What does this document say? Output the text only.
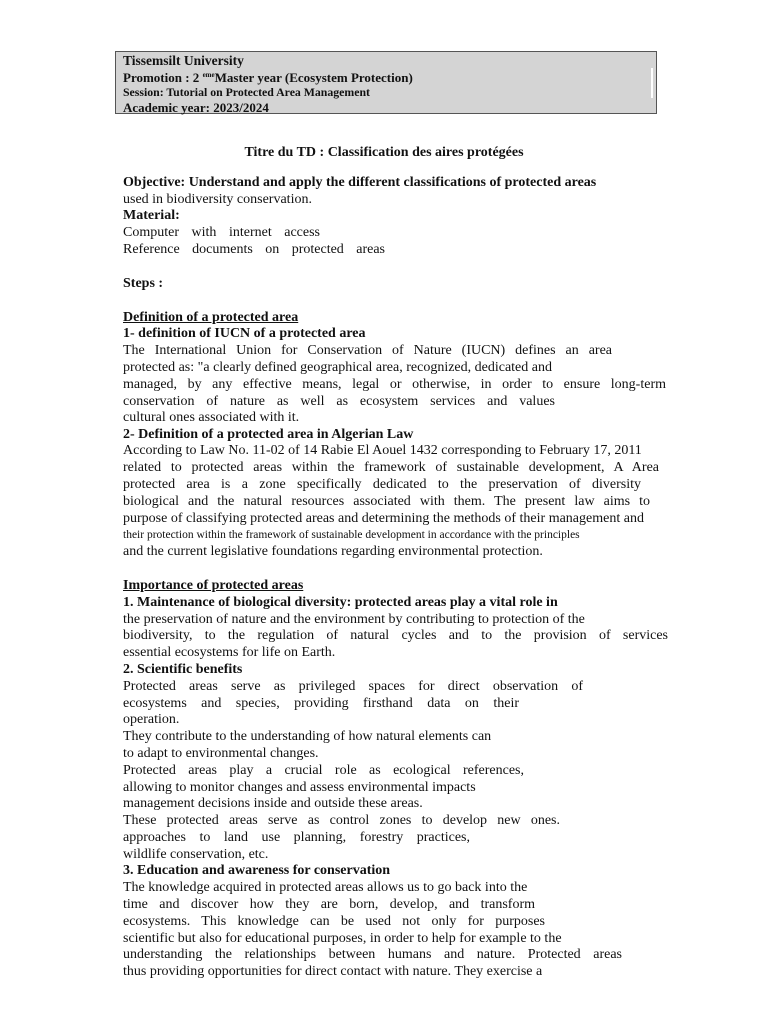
Tissemsilt University
Promotion : 2 $^{eme}$Master year (Ecosystem Protection)
Session: Tutorial on Protected Area Management
Academic year: 2023/2024
Titre du TD : Classification des aires protégées
Objective: Understand and apply the different classifications of protected areas
used in biodiversity conservation.
Material:
Computer with internet access
Reference documents on protected areas
Steps :
Definition of a protected area
1- definition of IUCN of a protected area
The International Union for Conservation of Nature (IUCN) defines an area
protected as: "a clearly defined geographical area, recognized, dedicated and
managed, by any effective means, legal or otherwise, in order to ensure long-term
conservation of nature as well as ecosystem services and values
cultural ones associated with it.
2- Definition of a protected area in Algerian Law
According to Law No. 11-02 of 14 Rabie El Aouel 1432 corresponding to February 17, 2011
related to protected areas within the framework of sustainable development, A Area
protected area is a zone specifically dedicated to the preservation of diversity
biological and the natural resources associated with them. The present law aims to
purpose of classifying protected areas and determining the methods of their management and
their protection within the framework of sustainable development in accordance with the principles
and the current legislative foundations regarding environmental protection.
Importance of protected areas
1. Maintenance of biological diversity: protected areas play a vital role in
the preservation of nature and the environment by contributing to protection of the
biodiversity, to the regulation of natural cycles and to the provision of services
essential ecosystems for life on Earth.
2. Scientific benefits
Protected areas serve as privileged spaces for direct observation of
ecosystems and species, providing firsthand data on their
operation.
They contribute to the understanding of how natural elements can
to adapt to environmental changes.
Protected areas play a crucial role as ecological references,
allowing to monitor changes and assess environmental impacts
management decisions inside and outside these areas.
These protected areas serve as control zones to develop new ones.
approaches to land use planning, forestry practices,
wildlife conservation, etc.
3. Education and awareness for conservation
The knowledge acquired in protected areas allows us to go back into the
time and discover how they are born, develop, and transform
ecosystems. This knowledge can be used not only for purposes
scientific but also for educational purposes, in order to help for example to the
understanding the relationships between humans and nature. Protected areas
thus providing opportunities for direct contact with nature. They exercise a
